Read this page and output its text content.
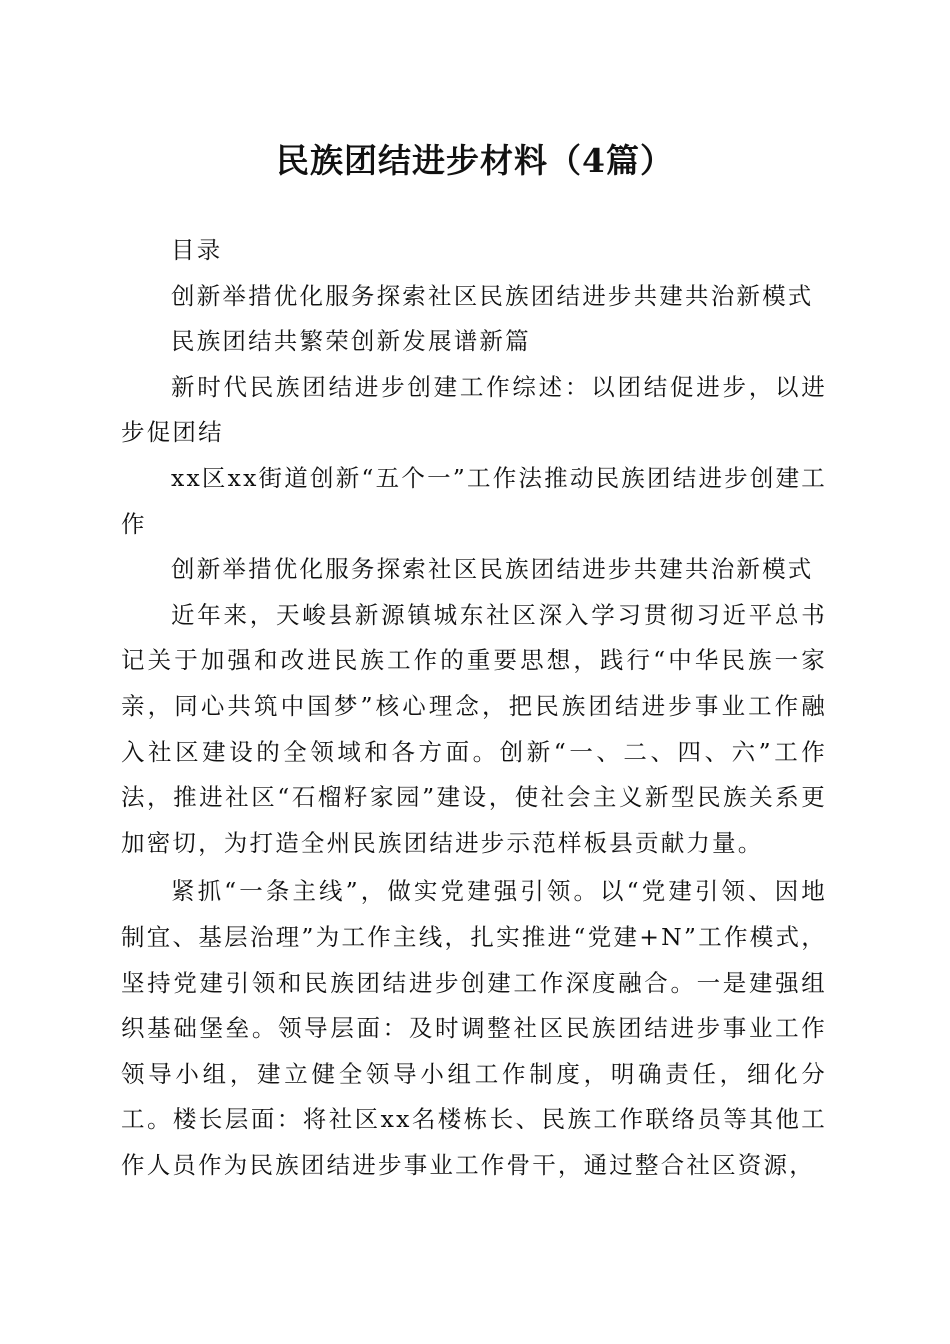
民族团结进步材料（4篇）

目录

创新举措优化服务探索社区民族团结进步共建共治新模式

民族团结共繁荣创新发展谱新篇

新时代民族团结进步创建工作综述：以团结促进步，以进步促团结

xx区xx街道创新“五个一”工作法推动民族团结进步创建工作

创新举措优化服务探索社区民族团结进步共建共治新模式

近年来，天峻县新源镇城东社区深入学习贯彻习近平总书记关于加强和改进民族工作的重要思想，践行“中华民族一家亲，同心共筑中国梦”核心理念，把民族团结进步事业工作融入社区建设的全领域和各方面。创新“一、二、四、六”工作法，推进社区“石榴籽家园”建设，使社会主义新型民族关系更加密切，为打造全州民族团结进步示范样板县贡献力量。

紧抓“一条主线”，做实党建强引领。以“党建引领、因地制宜、基层治理”为工作主线，扎实推进“党建+N”工作模式，坚持党建引领和民族团结进步创建工作深度融合。一是建强组织基础堡垒。领导层面：及时调整社区民族团结进步事业工作领导小组，建立健全领导小组工作制度，明确责任，细化分工。楼长层面：将社区xx名楼栋长、民族工作联络员等其他工作人员作为民族团结进步事业工作骨干，通过整合社区资源，
